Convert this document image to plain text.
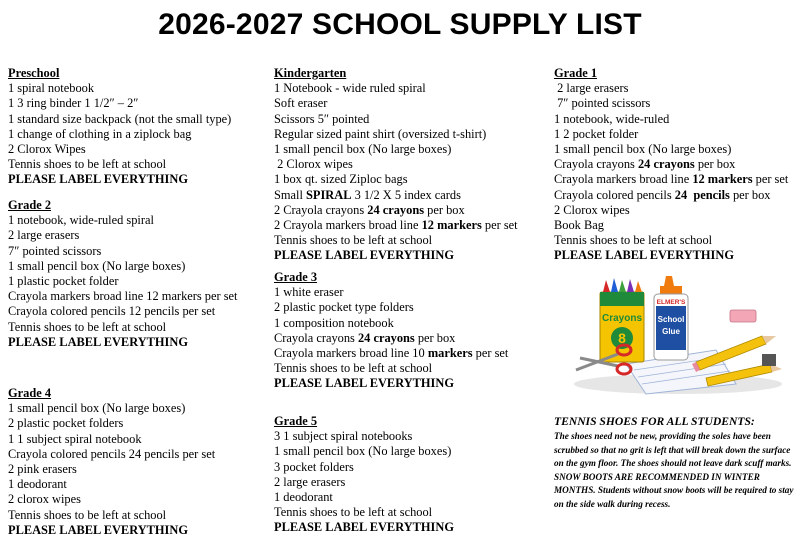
2026-2027 SCHOOL SUPPLY LIST
Preschool
1 spiral notebook
1 3 ring binder 1 1/2″ – 2″
1 standard size backpack (not the small type)
1 change of clothing in a ziplock bag
2 Clorox Wipes
Tennis shoes to be left at school
PLEASE LABEL EVERYTHING
Grade 2
1 notebook, wide-ruled spiral
2 large erasers
7″ pointed scissors
1 small pencil box (No large boxes)
1 plastic pocket folder
Crayola markers broad line 12 markers per set
Crayola colored pencils 12 pencils per set
Tennis shoes to be left at school
PLEASE LABEL EVERYTHING
Grade 4
1 small pencil box (No large boxes)
2 plastic pocket folders
1 1 subject spiral notebook
Crayola colored pencils 24 pencils per set
2 pink erasers
1 deodorant
2 clorox wipes
Tennis shoes to be left at school
PLEASE LABEL EVERYTHING
Kindergarten
1 Notebook - wide ruled spiral
Soft eraser
Scissors 5″ pointed
Regular sized paint shirt (oversized t-shirt)
1 small pencil box (No large boxes)
2 Clorox wipes
1 box qt. sized Ziploc bags
Small SPIRAL 3 1/2 X 5 index cards
2 Crayola crayons 24 crayons per box
2 Crayola markers broad line 12 markers per set
Tennis shoes to be left at school
PLEASE LABEL EVERYTHING
Grade 3
1 white eraser
2 plastic pocket type folders
1 composition notebook
Crayola crayons 24 crayons per box
Crayola markers broad line 10 markers per set
Tennis shoes to be left at school
PLEASE LABEL EVERYTHING
Grade 5
3 1 subject spiral notebooks
1 small pencil box (No large boxes)
3 pocket folders
2 large erasers
1 deodorant
Tennis shoes to be left at school
PLEASE LABEL EVERYTHING
Grade 1
2 large erasers
7″ pointed scissors
1 notebook, wide-ruled
1 2 pocket folder
1 small pencil box (No large boxes)
Crayola crayons 24 crayons per box
Crayola markers broad line 12 markers per set
Crayola colored pencils 24  pencils per box
2 Clorox wipes
Book Bag
Tennis shoes to be left at school
PLEASE LABEL EVERYTHING
Crayons
8
ELMER'S
School
Glue
TENNIS SHOES FOR ALL STUDENTS:
The shoes need not be new, providing the soles have been scrubbed so that no grit is left that will break down the surface on the gym floor. The shoes should not leave dark scuff marks. SNOW BOOTS ARE RECOMMENDED IN WINTER MONTHS. Students without snow boots will be required to stay on the side walk during recess.
